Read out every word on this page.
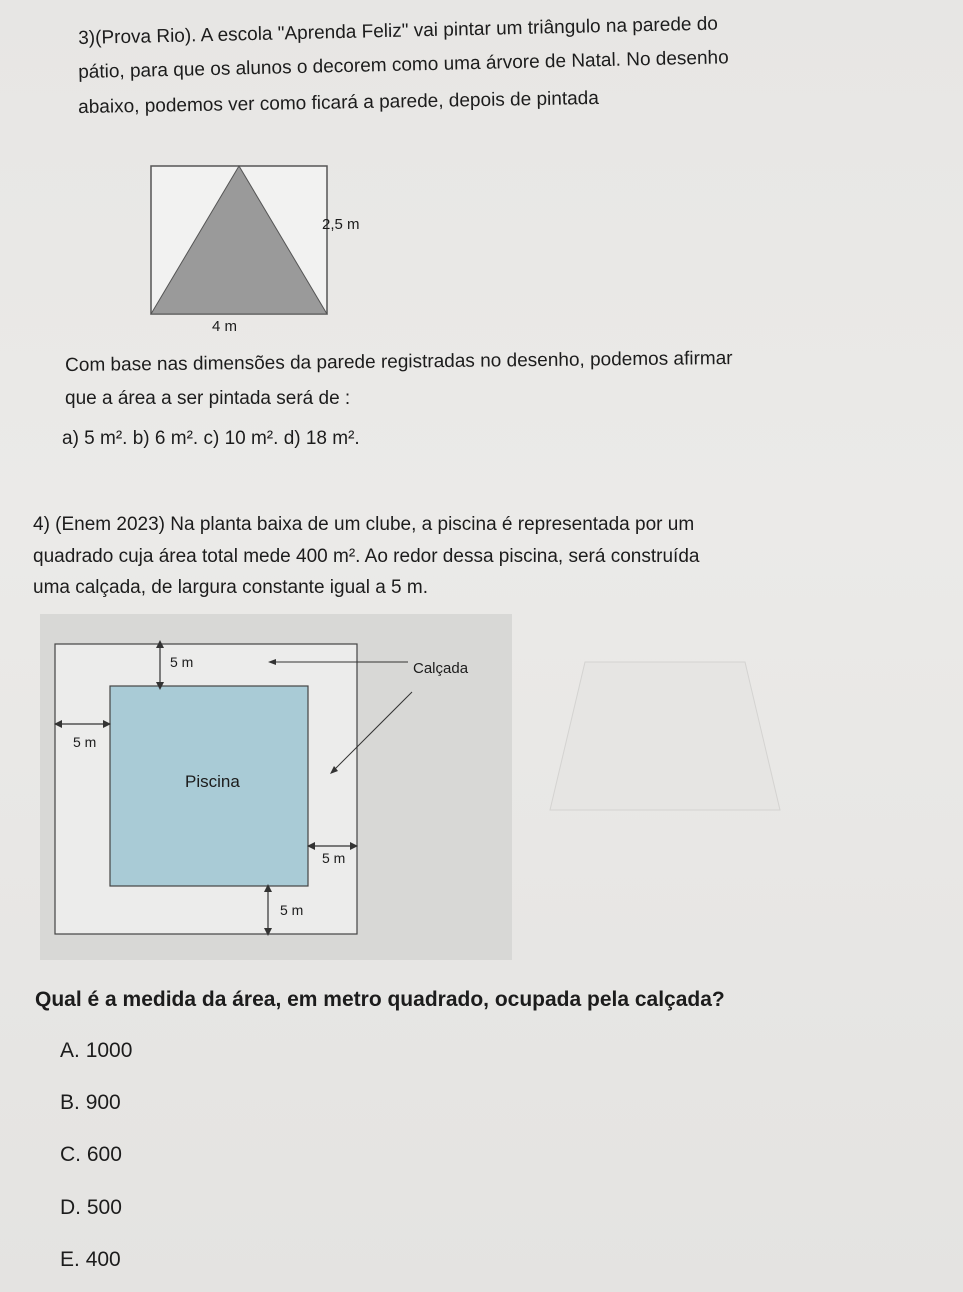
3)(Prova Rio). A escola "Aprenda Feliz" vai pintar um triângulo na parede do
pátio, para que os alunos o decorem como uma árvore de Natal. No desenho
abaixo, podemos ver como ficará a parede, depois de pintada
2,5 m
4 m
Com base nas dimensões da parede registradas no desenho, podemos afirmar
que a área a ser pintada será de :
a) 5 m². b) 6 m². c) 10 m². d) 18 m².
4) (Enem 2023) Na planta baixa de um clube, a piscina é representada por um
quadrado cuja área total mede 400 m². Ao redor dessa piscina, será construída
uma calçada, de largura constante igual a 5 m.
5 m
5 m
Piscina
5 m
5 m
Calçada
Qual é a medida da área, em metro quadrado, ocupada pela calçada?
A. 1000
B. 900
C. 600
D. 500
E. 400
